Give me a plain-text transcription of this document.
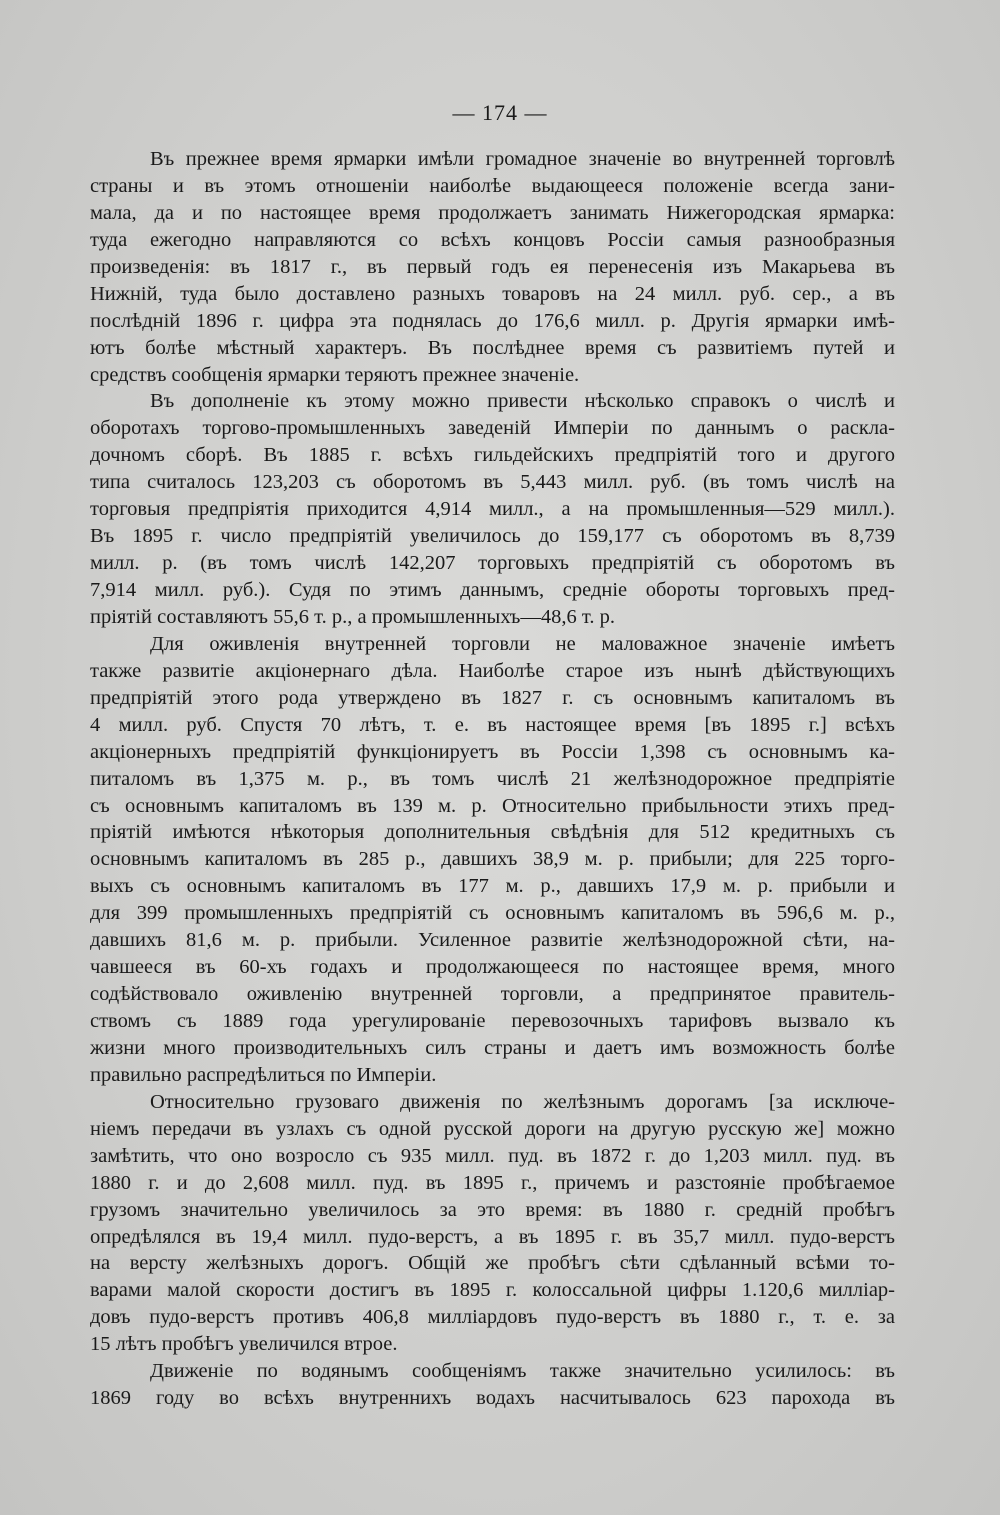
— 174 —
Въ прежнее время ярмарки имѣли громадное значеніе во внутренней торговлѣ
страны и въ этомъ отношеніи наиболѣе выдающееся положеніе всегда зани-
мала, да и по настоящее время продолжаетъ занимать Нижегородская ярмарка:
туда ежегодно направляются со всѣхъ концовъ Россіи самыя разнообразныя
произведенія: въ 1817 г., въ первый годъ ея перенесенія изъ Макарьева въ
Нижній, туда было доставлено разныхъ товаровъ на 24 милл. руб. сер., а въ
послѣдній 1896 г. цифра эта поднялась до 176,6 милл. р. Другія ярмарки имѣ-
ютъ болѣе мѣстный характеръ. Въ послѣднее время съ развитіемъ путей и
средствъ сообщенія ярмарки теряютъ прежнее значеніе.
Въ дополненіе къ этому можно привести нѣсколько справокъ о числѣ и
оборотахъ торгово-промышленныхъ заведеній Имперіи по даннымъ о раскла-
дочномъ сборѣ. Въ 1885 г. всѣхъ гильдейскихъ предпріятій того и другого
типа считалось 123,203 съ оборотомъ въ 5,443 милл. руб. (въ томъ числѣ на
торговыя предпріятія приходится 4,914 милл., а на промышленныя—529 милл.).
Въ 1895 г. число предпріятій увеличилось до 159,177 съ оборотомъ въ 8,739
милл. р. (въ томъ числѣ 142,207 торговыхъ предпріятій съ оборотомъ въ
7,914 милл. руб.). Судя по этимъ даннымъ, средніе обороты торговыхъ пред-
пріятій составляютъ 55,6 т. р., а промышленныхъ—48,6 т. р.
Для оживленія внутренней торговли не маловажное значеніе имѣетъ
также развитіе акціонернаго дѣла. Наиболѣе старое изъ нынѣ дѣйствующихъ
предпріятій этого рода утверждено въ 1827 г. съ основнымъ капиталомъ въ
4 милл. руб. Спустя 70 лѣтъ, т. е. въ настоящее время [въ 1895 г.] всѣхъ
акціонерныхъ предпріятій функціонируетъ въ Россіи 1,398 съ основнымъ ка-
питаломъ въ 1,375 м. р., въ томъ числѣ 21 желѣзнодорожное предпріятіе
съ основнымъ капиталомъ въ 139 м. р. Относительно прибыльности этихъ пред-
пріятій имѣются нѣкоторыя дополнительныя свѣдѣнія для 512 кредитныхъ съ
основнымъ капиталомъ въ 285 р., давшихъ 38,9 м. р. прибыли; для 225 торго-
выхъ съ основнымъ капиталомъ въ 177 м. р., давшихъ 17,9 м. р. прибыли и
для 399 промышленныхъ предпріятій съ основнымъ капиталомъ въ 596,6 м. р.,
давшихъ 81,6 м. р. прибыли. Усиленное развитіе желѣзнодорожной сѣти, на-
чавшееся въ 60-хъ годахъ и продолжающееся по настоящее время, много
содѣйствовало оживленію внутренней торговли, а предпринятое правитель-
ствомъ съ 1889 года урегулированіе перевозочныхъ тарифовъ вызвало къ
жизни много производительныхъ силъ страны и даетъ имъ возможность болѣе
правильно распредѣлиться по Имперіи.
Относительно грузоваго движенія по желѣзнымъ дорогамъ [за исключе-
ніемъ передачи въ узлахъ съ одной русской дороги на другую русскую же] можно
замѣтить, что оно возросло съ 935 милл. пуд. въ 1872 г. до 1,203 милл. пуд. въ
1880 г. и до 2,608 милл. пуд. въ 1895 г., причемъ и разстояніе пробѣгаемое
грузомъ значительно увеличилось за это время: въ 1880 г. средній пробѣгъ
опредѣлялся въ 19,4 милл. пудо-верстъ, а въ 1895 г. въ 35,7 милл. пудо-верстъ
на версту желѣзныхъ дорогъ. Общій же пробѣгъ сѣти сдѣланный всѣми то-
варами малой скорости достигъ въ 1895 г. колоссальной цифры 1.120,6 милліар-
довъ пудо-верстъ противъ 406,8 милліардовъ пудо-верстъ въ 1880 г., т. е. за
15 лѣтъ пробѣгъ увеличился втрое.
Движеніе по водянымъ сообщеніямъ также значительно усилилось: въ
1869 году во всѣхъ внутреннихъ водахъ насчитывалось 623 парохода въ
